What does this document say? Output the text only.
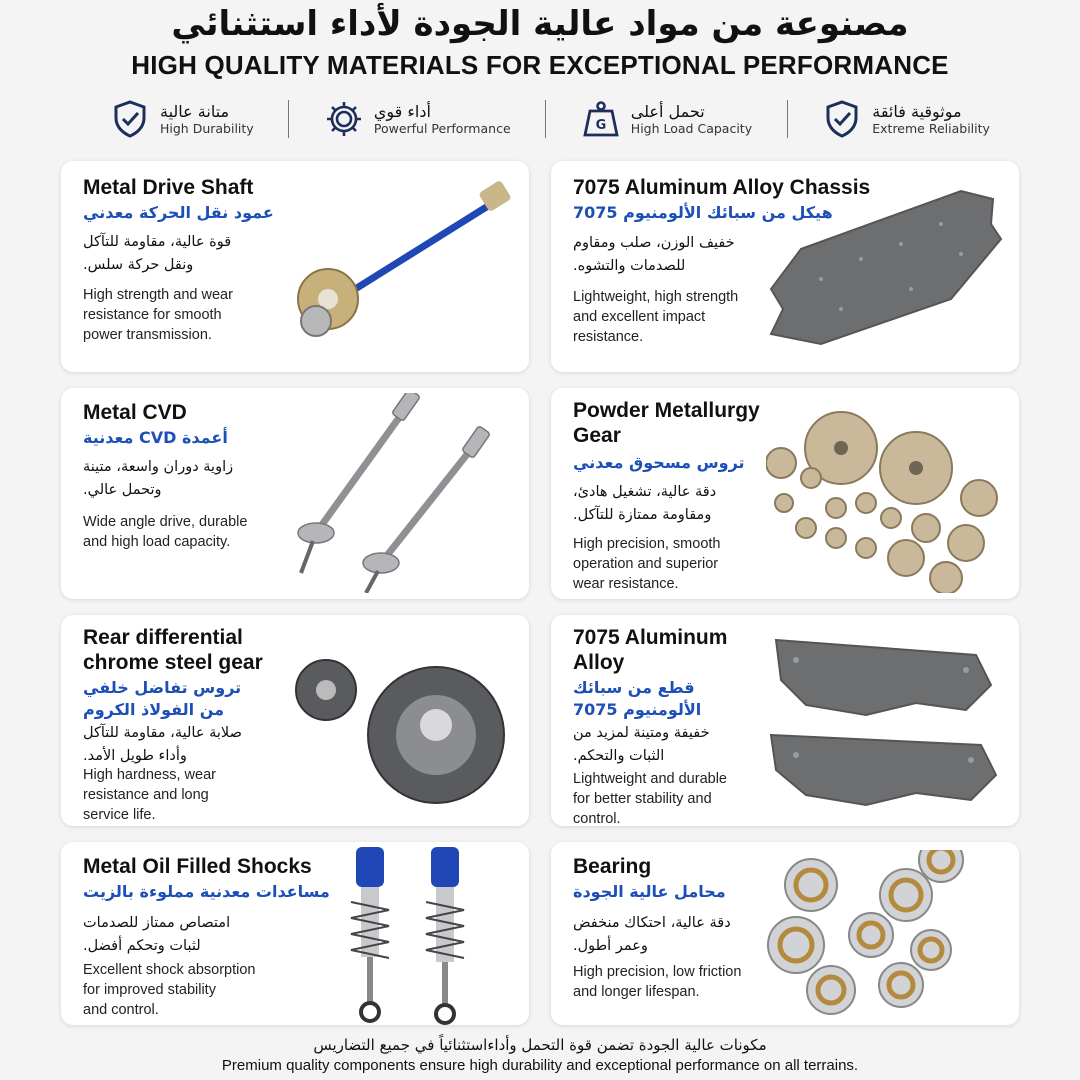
مصنوعة من مواد عالية الجودة لأداء استثنائي
HIGH QUALITY MATERIALS FOR EXCEPTIONAL PERFORMANCE
متانة عالية
High Durability
أداء قوي
Powerful Performance	G
تحمل أعلى
High Load Capacity
موثوقية فائقة
Extreme Reliability
Metal Drive Shaft
عمود نقل الحركة معدني
قوة عالية، مقاومة للتآكل
ونقل حركة سلس.
High strength and wear
resistance for smooth
power transmission.
7075 Aluminum Alloy Chassis
هيكل من سبائك الألومنيوم 7075
خفيف الوزن، صلب ومقاوم
للصدمات والتشوه.
Lightweight, high strength
and excellent impact
resistance.
Metal CVD
أعمدة CVD معدنية
زاوية دوران واسعة، متينة
وتحمل عالي.
Wide angle drive, durable
and high load capacity.
Powder Metallurgy
Gear
تروس مسحوق معدني
دقة عالية، تشغيل هادئ،
ومقاومة ممتازة للتآكل.
High precision, smooth
operation and superior
wear resistance.
Rear differential
chrome steel gear
تروس تفاضل خلفي
من الفولاذ الكروم
صلابة عالية، مقاومة للتآكل
وأداء طويل الأمد.
High hardness, wear
resistance and long
service life.
7075 Aluminum
Alloy
قطع من سبائك
الألومنيوم 7075
خفيفة ومتينة لمزيد من
الثبات والتحكم.
Lightweight and durable
for better stability and
control.
Metal Oil Filled Shocks
مساعدات معدنية مملوءة بالزيت
امتصاص ممتاز للصدمات
لثبات وتحكم أفضل.
Excellent shock absorption
for improved stability
and control.
Bearing
محامل عالية الجودة
دقة عالية، احتكاك منخفض
وعمر أطول.
High precision, low friction
and longer lifespan.
مكونات عالية الجودة تضمن قوة التحمل وأداءاستثنائياً في جميع التضاريس
Premium quality components ensure high durability and exceptional performance on all terrains.
